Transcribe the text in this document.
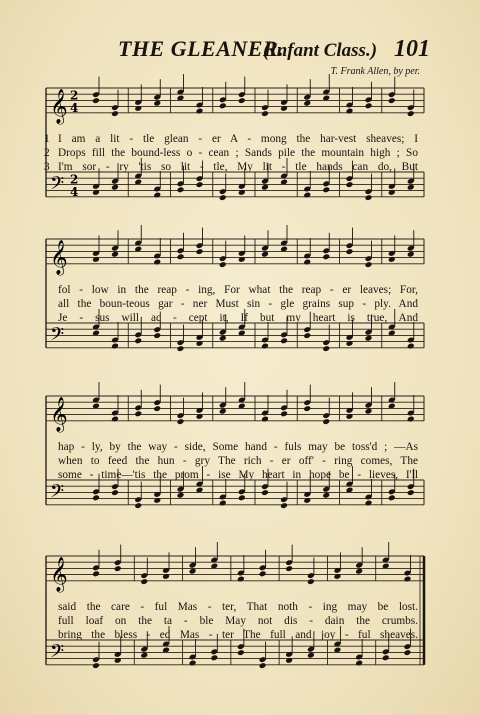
THE GLEANER.
(Infant Class.) 101
T. Frank Allen, by per.
𝄞
𝄢
2
4
2
4
𝄞
𝄢
𝄞
𝄢
𝄞
𝄢
1 I am a lit - tle glean - er A - mong the har-vest sheaves; I
2 Drops fill the bound-less o - cean ; Sands pile the mountain high ; So
3 I'm sor - ry 'tis so lit - tle, My lit - tle hands can do, But
fol - low in the reap - ing, For what the reap - er leaves; For,
all the boun-teous gar - ner Must sin - gle grains sup - ply. And
Je - sus will ac - cept it, If but my heart is true, And
hap - ly, by the way - side, Some hand - fuls may be toss'd ; —As
when to feed the hun - gry The rich - er off' - ring comes, The
some - time—'tis the prom - ise My heart in hope be - lieves, I'll
said the care - ful Mas - ter, That noth - ing may be lost.
full loaf on the ta - ble May not dis - dain the crumbs.
bring the bless - ed Mas - ter The full and joy - ful sheaves.
